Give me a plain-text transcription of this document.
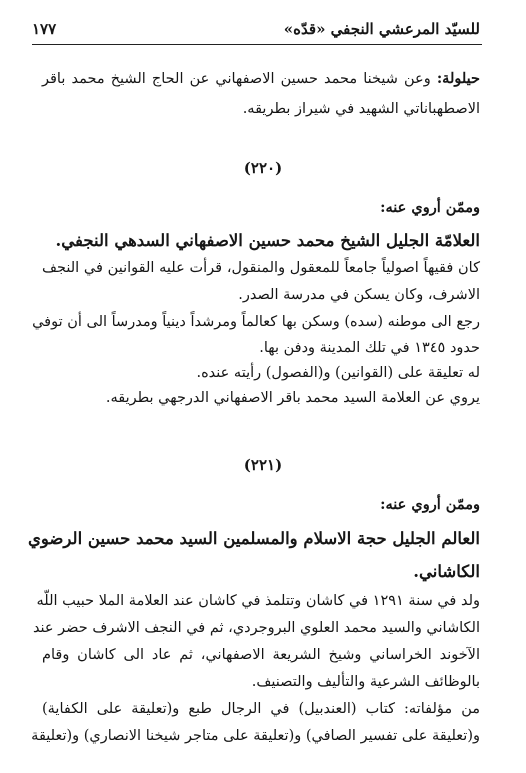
للسيّد المرعشي النجفي «قدّه»
١٧٧
حيلولة: وعن شيخنا محمد حسين الاصفهاني عن الحاج الشيخ محمد باقر
الاصطهباناتي الشهيد في شيراز بطريقه.
(٢٢٠)
وممّن أروي عنه:
العلامّة الجليل الشيخ محمد حسين الاصفهاني السدهي النجفي.
كان فقيهاً اصولياً جامعاً للمعقول والمنقول، قرأت عليه القوانين في النجف
الاشرف، وكان يسكن في مدرسة الصدر.
رجع الى موطنه (سده) وسكن بها كعالماً ومرشداً دينياً ومدرساً الى أن توفي
حدود ١٣٤٥ في تلك المدينة ودفن بها.
له تعليقة على (القوانين) و(الفصول) رأيته عنده.
يروي عن العلامة السيد محمد باقر الاصفهاني الدرجهي بطريقه.
(٢٢١)
وممّن أروي عنه:
العالم الجليل حجة الاسلام والمسلمين السيد محمد حسين الرضوي
الكاشاني.
ولد في سنة ١٢٩١ في كاشان وتتلمذ في كاشان عند العلامة الملا حبيب اللّه
الكاشاني والسيد محمد العلوي البروجردي، ثم في النجف الاشرف حضر عند
الآخوند الخراساني وشيخ الشريعة الاصفهاني، ثم عاد الى كاشان وقام
بالوظائف الشرعية والتأليف والتصنيف.
من مؤلفاته: كتاب (العندبيل) في الرجال طبع و(تعليقة على الكفاية)
و(تعليقة على تفسير الصافي) و(تعليقة على متاجر شيخنا الانصاري) و(تعليقة
